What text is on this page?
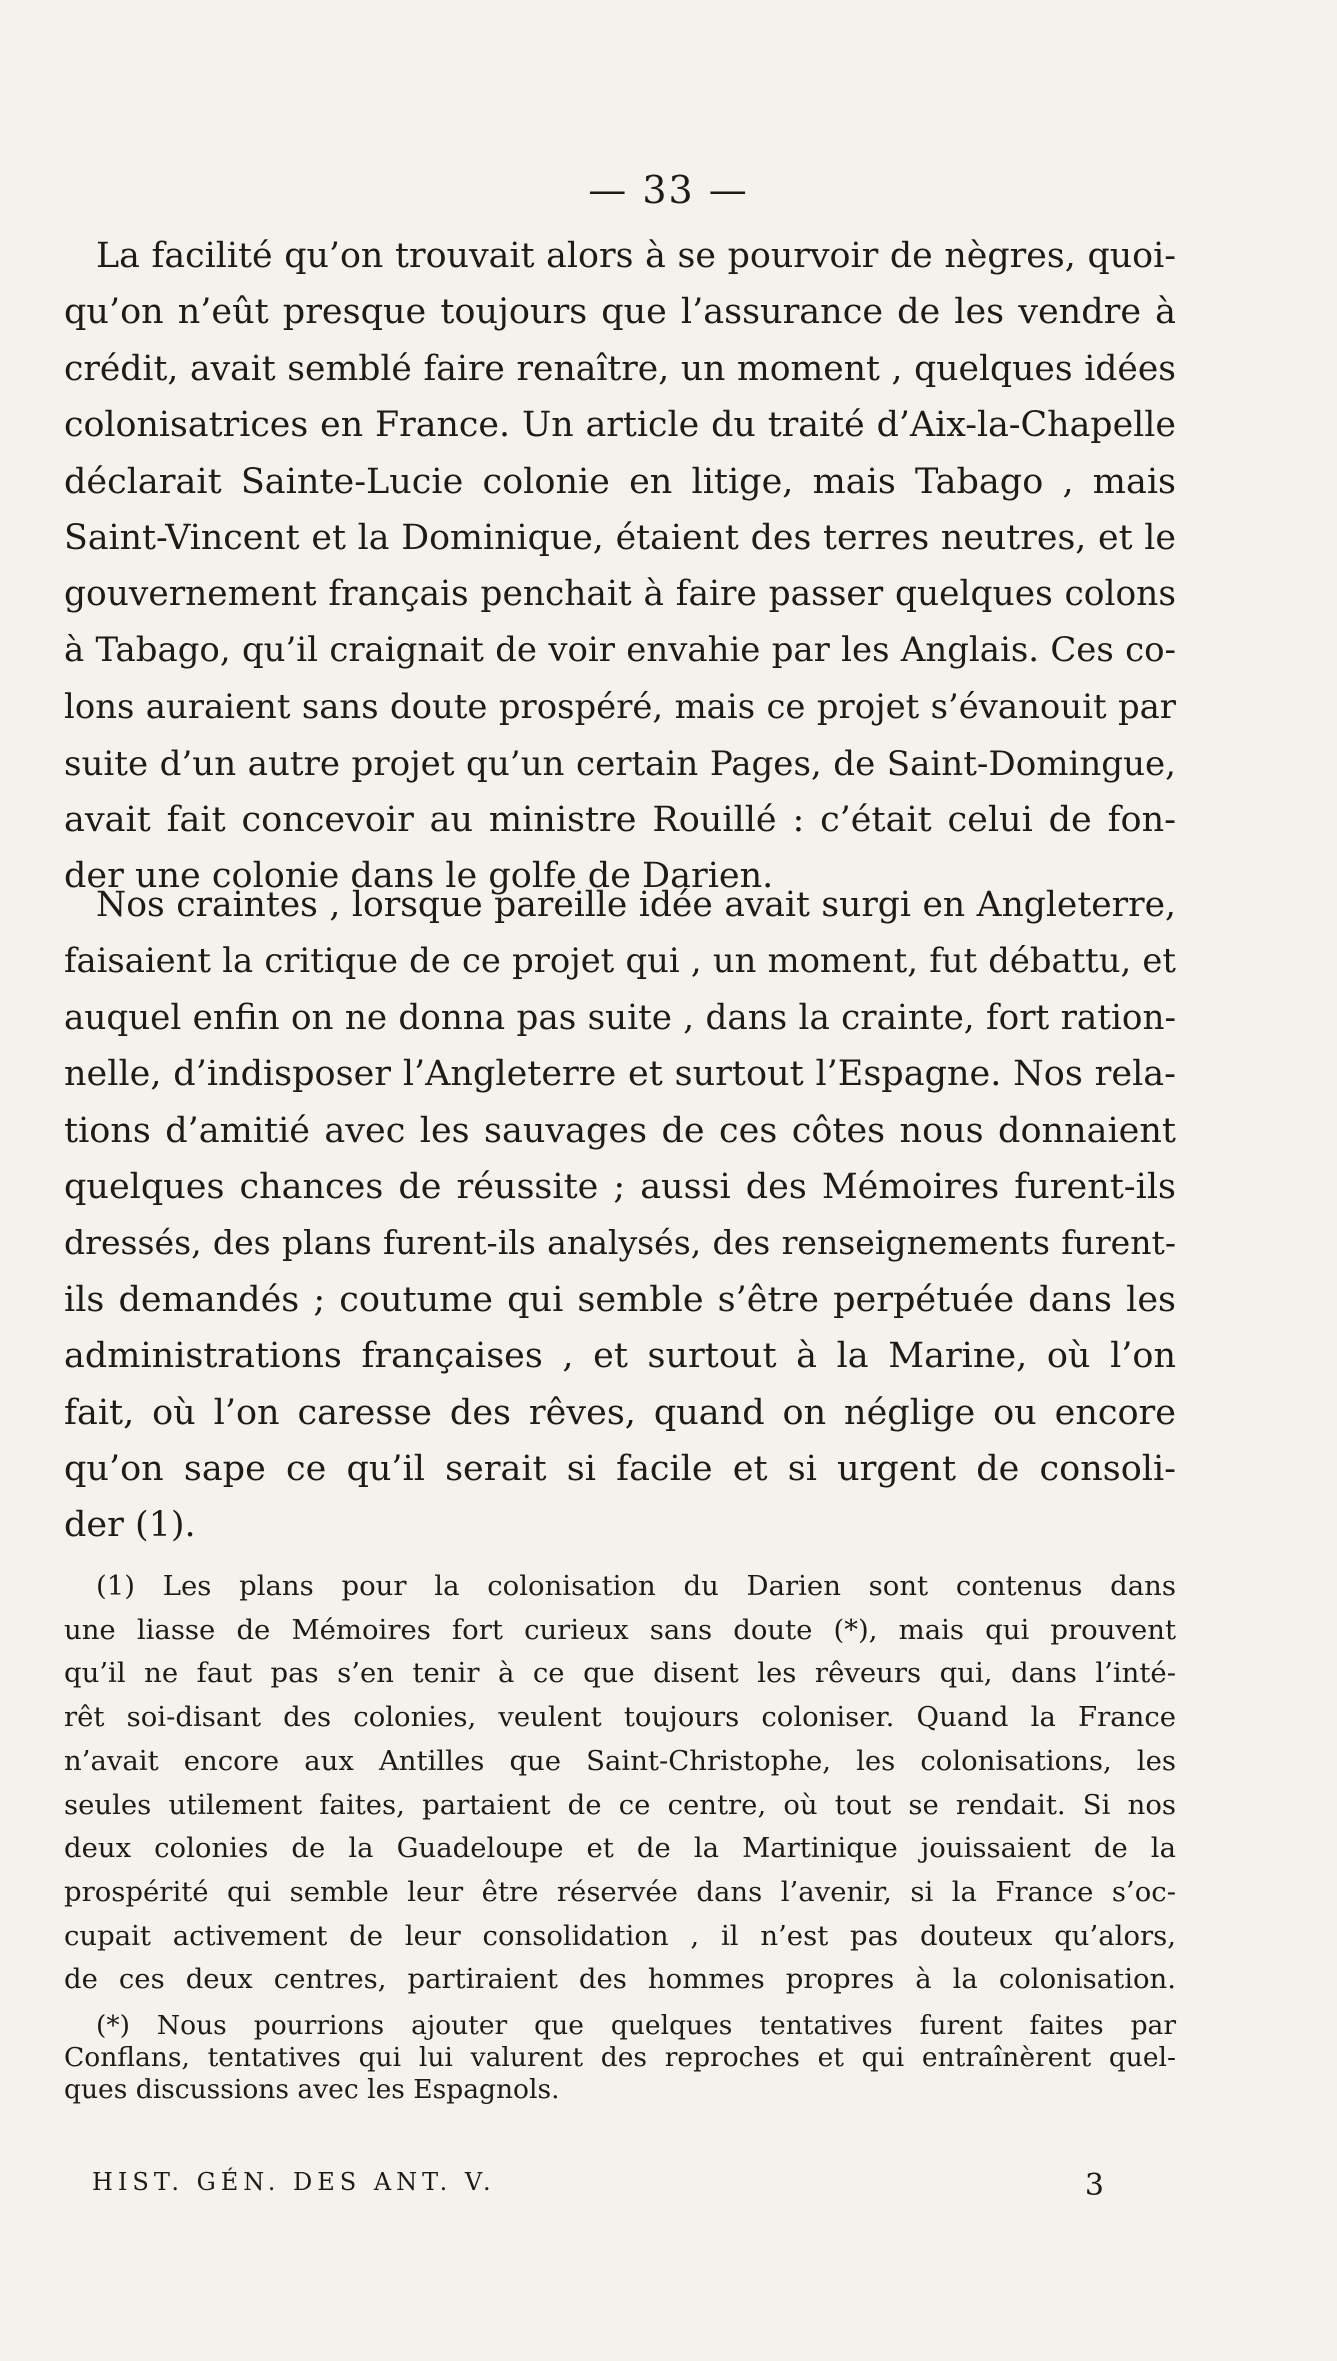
— 33 —
La facilité qu’on trouvait alors à se pourvoir de nègres, quoi-
qu’on n’eût presque toujours que l’assurance de les vendre à
crédit, avait semblé faire renaître, un moment , quelques idées
colonisatrices en France. Un article du traité d’Aix-la-Chapelle
déclarait Sainte-Lucie colonie en litige, mais Tabago , mais
Saint-Vincent et la Dominique, étaient des terres neutres, et le
gouvernement français penchait à faire passer quelques colons
à Tabago, qu’il craignait de voir envahie par les Anglais. Ces co-
lons auraient sans doute prospéré, mais ce projet s’évanouit par
suite d’un autre projet qu’un certain Pages, de Saint-Domingue,
avait fait concevoir au ministre Rouillé : c’était celui de fon-
der une colonie dans le golfe de Darien.
Nos craintes , lorsque pareille idée avait surgi en Angleterre,
faisaient la critique de ce projet qui , un moment, fut débattu, et
auquel enfin on ne donna pas suite , dans la crainte, fort ration-
nelle, d’indisposer l’Angleterre et surtout l’Espagne. Nos rela-
tions d’amitié avec les sauvages de ces côtes nous donnaient
quelques chances de réussite ; aussi des Mémoires furent-ils
dressés, des plans furent-ils analysés, des renseignements furent-
ils demandés ; coutume qui semble s’être perpétuée dans les
administrations françaises , et surtout à la Marine, où l’on
fait, où l’on caresse des rêves, quand on néglige ou encore
qu’on sape ce qu’il serait si facile et si urgent de consoli-
der (1).
(1) Les plans pour la colonisation du Darien sont contenus dans
une liasse de Mémoires fort curieux sans doute (*), mais qui prouvent
qu’il ne faut pas s’en tenir à ce que disent les rêveurs qui, dans l’inté-
rêt soi-disant des colonies, veulent toujours coloniser. Quand la France
n’avait encore aux Antilles que Saint-Christophe, les colonisations, les
seules utilement faites, partaient de ce centre, où tout se rendait. Si nos
deux colonies de la Guadeloupe et de la Martinique jouissaient de la
prospérité qui semble leur être réservée dans l’avenir, si la France s’oc-
cupait activement de leur consolidation , il n’est pas douteux qu’alors,
de ces deux centres, partiraient des hommes propres à la colonisation.
(*) Nous pourrions ajouter que quelques tentatives furent faites par
Conflans, tentatives qui lui valurent des reproches et qui entraînèrent quel-
ques discussions avec les Espagnols.
HIST. GÉN. DES ANT. V.	3
